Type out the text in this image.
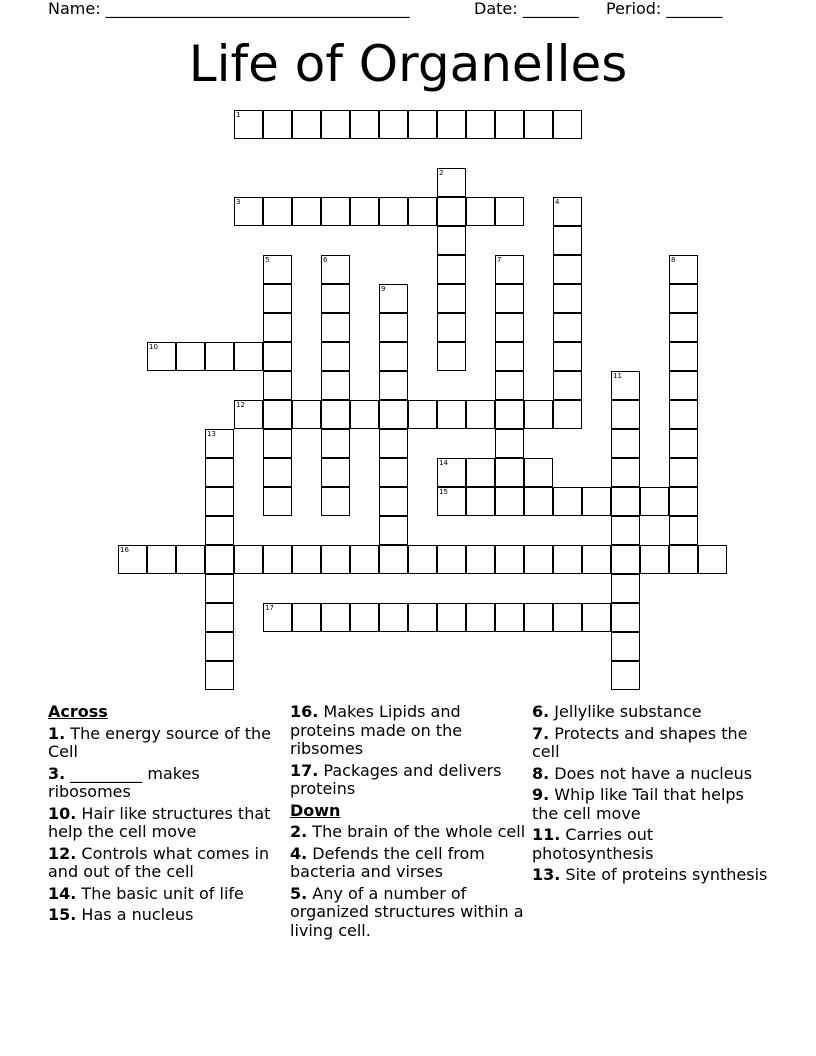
Name: ______________________________________	Date: _______ Period: _______
Life of Organelles
1
2
3	4
5	6	7	8
9
10
11
12
13
14
15
16
17
Across
1. The energy source of the Cell
3. _________ makes ribosomes
10. Hair like structures that help the cell move
12. Controls what comes in and out of the cell
14. The basic unit of life
15. Has a nucleus
16. Makes Lipids and proteins made on the ribsomes
17. Packages and delivers proteins
Down
2. The brain of the whole cell
4. Defends the cell from bacteria and virses
5. Any of a number of organized structures within a living cell.
6. Jellylike substance
7. Protects and shapes the cell
8. Does not have a nucleus
9. Whip like Tail that helps the cell move
11. Carries out photosynthesis
13. Site of proteins synthesis
